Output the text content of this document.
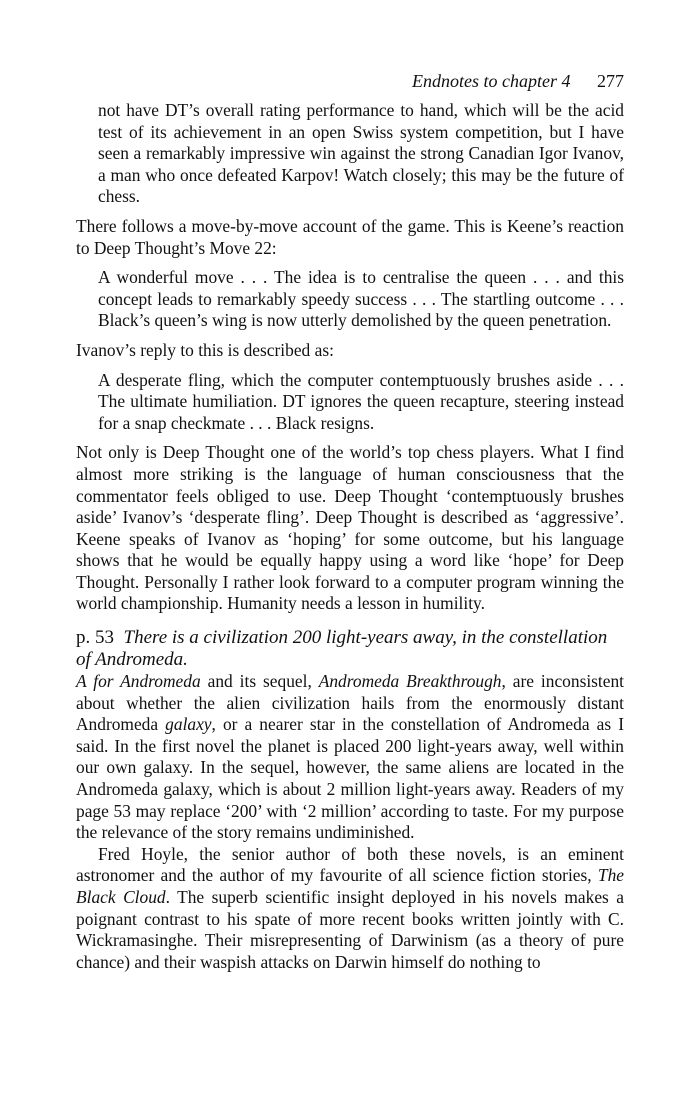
Endnotes to chapter 4 277

not have DT’s overall rating performance to hand, which will be the acid test of its achievement in an open Swiss system competition, but I have seen a remarkably impressive win against the strong Canadian Igor Ivanov, a man who once defeated Karpov! Watch closely; this may be the future of chess.

There follows a move-by-move account of the game. This is Keene’s reaction to Deep Thought’s Move 22:

A wonderful move . . . The idea is to centralise the queen . . . and this concept leads to remarkably speedy success . . . The startling outcome . . . Black’s queen’s wing is now utterly demolished by the queen penetration.

Ivanov’s reply to this is described as:

A desperate fling, which the computer contemptuously brushes aside . . . The ultimate humiliation. DT ignores the queen recapture, steering instead for a snap checkmate . . . Black resigns.

Not only is Deep Thought one of the world’s top chess players. What I find almost more striking is the language of human consciousness that the commentator feels obliged to use. Deep Thought ‘contemptuously brushes aside’ Ivanov’s ‘desperate fling’. Deep Thought is described as ‘aggressive’. Keene speaks of Ivanov as ‘hoping’ for some outcome, but his language shows that he would be equally happy using a word like ‘hope’ for Deep Thought. Personally I rather look forward to a computer program winning the world championship. Humanity needs a lesson in humility.

p. 53 There is a civilization 200 light-years away, in the constellation of Andromeda.

A for Andromeda and its sequel, Andromeda Breakthrough, are inconsistent about whether the alien civilization hails from the enormously distant Andromeda galaxy, or a nearer star in the constellation of Andromeda as I said. In the first novel the planet is placed 200 light-years away, well within our own galaxy. In the sequel, however, the same aliens are located in the Andromeda galaxy, which is about 2 million light-years away. Readers of my page 53 may replace ‘200’ with ‘2 million’ according to taste. For my purpose the relevance of the story remains undiminished.

Fred Hoyle, the senior author of both these novels, is an eminent astronomer and the author of my favourite of all science fiction stories, The Black Cloud. The superb scientific insight deployed in his novels makes a poignant contrast to his spate of more recent books written jointly with C. Wickramasinghe. Their misrepresenting of Darwinism (as a theory of pure chance) and their waspish attacks on Darwin himself do nothing to
